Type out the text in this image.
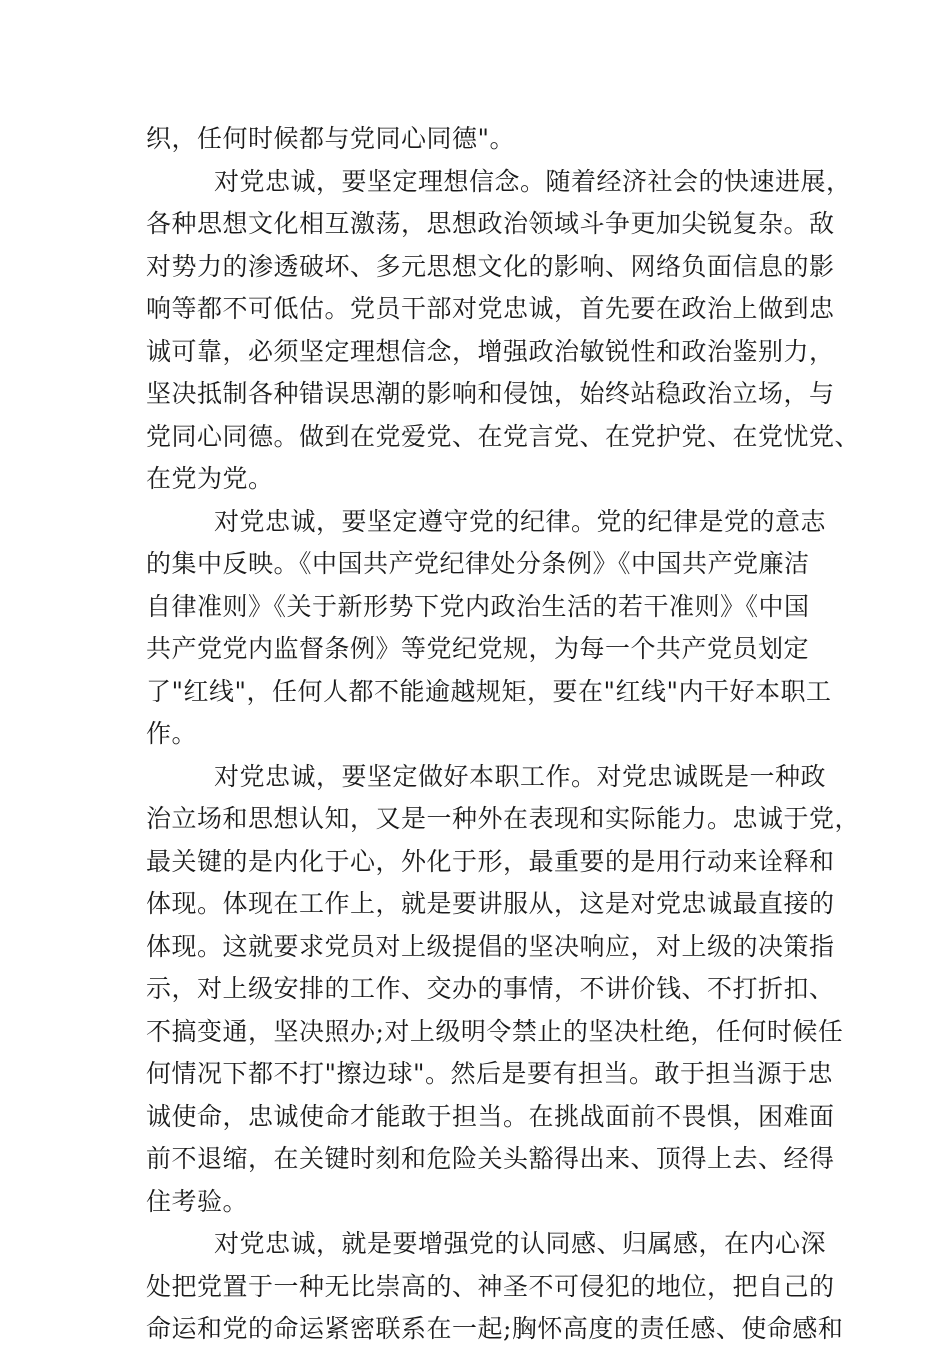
织，任何时候都与党同心同德"。
对党忠诚，要坚定理想信念。随着经济社会的快速进展，
各种思想文化相互激荡，思想政治领域斗争更加尖锐复杂。敌
对势力的渗透破坏、多元思想文化的影响、网络负面信息的影
响等都不可低估。党员干部对党忠诚，首先要在政治上做到忠
诚可靠，必须坚定理想信念，增强政治敏锐性和政治鉴别力，
坚决抵制各种错误思潮的影响和侵蚀，始终站稳政治立场，与
党同心同德。做到在党爱党、在党言党、在党护党、在党忧党、
在党为党。
对党忠诚，要坚定遵守党的纪律。党的纪律是党的意志
的集中反映。《中国共产党纪律处分条例》《中国共产党廉洁
自律准则》《关于新形势下党内政治生活的若干准则》《中国
共产党党内监督条例》等党纪党规，为每一个共产党员划定
了"红线"，任何人都不能逾越规矩，要在"红线"内干好本职工
作。
对党忠诚，要坚定做好本职工作。对党忠诚既是一种政
治立场和思想认知，又是一种外在表现和实际能力。忠诚于党，
最关键的是内化于心，外化于形，最重要的是用行动来诠释和
体现。体现在工作上，就是要讲服从，这是对党忠诚最直接的
体现。这就要求党员对上级提倡的坚决响应，对上级的决策指
示，对上级安排的工作、交办的事情，不讲价钱、不打折扣、
不搞变通，坚决照办;对上级明令禁止的坚决杜绝，任何时候任
何情况下都不打"擦边球"。然后是要有担当。敢于担当源于忠
诚使命，忠诚使命才能敢于担当。在挑战面前不畏惧，困难面
前不退缩，在关键时刻和危险关头豁得出来、顶得上去、经得
住考验。
对党忠诚，就是要增强党的认同感、归属感，在内心深
处把党置于一种无比崇高的、神圣不可侵犯的地位，把自己的
命运和党的命运紧密联系在一起;胸怀高度的责任感、使命感和
